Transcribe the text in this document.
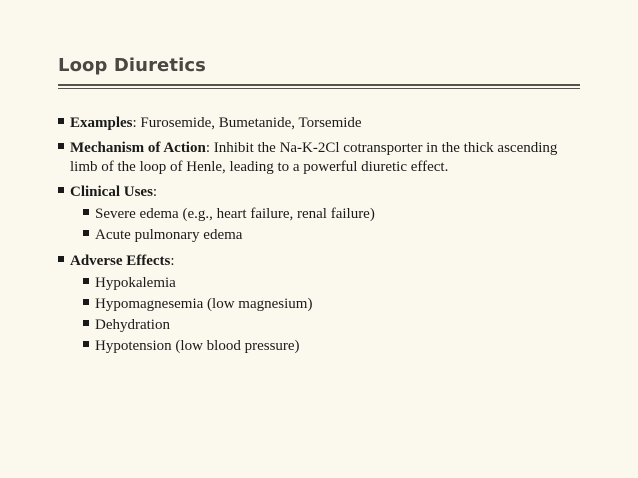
Loop Diuretics
Examples: Furosemide, Bumetanide, Torsemide
Mechanism of Action: Inhibit the Na-K-2Cl cotransporter in the thick ascending limb of the loop of Henle, leading to a powerful diuretic effect.
Clinical Uses:
Severe edema (e.g., heart failure, renal failure)
Acute pulmonary edema
Adverse Effects:
Hypokalemia
Hypomagnesemia (low magnesium)
Dehydration
Hypotension (low blood pressure)
